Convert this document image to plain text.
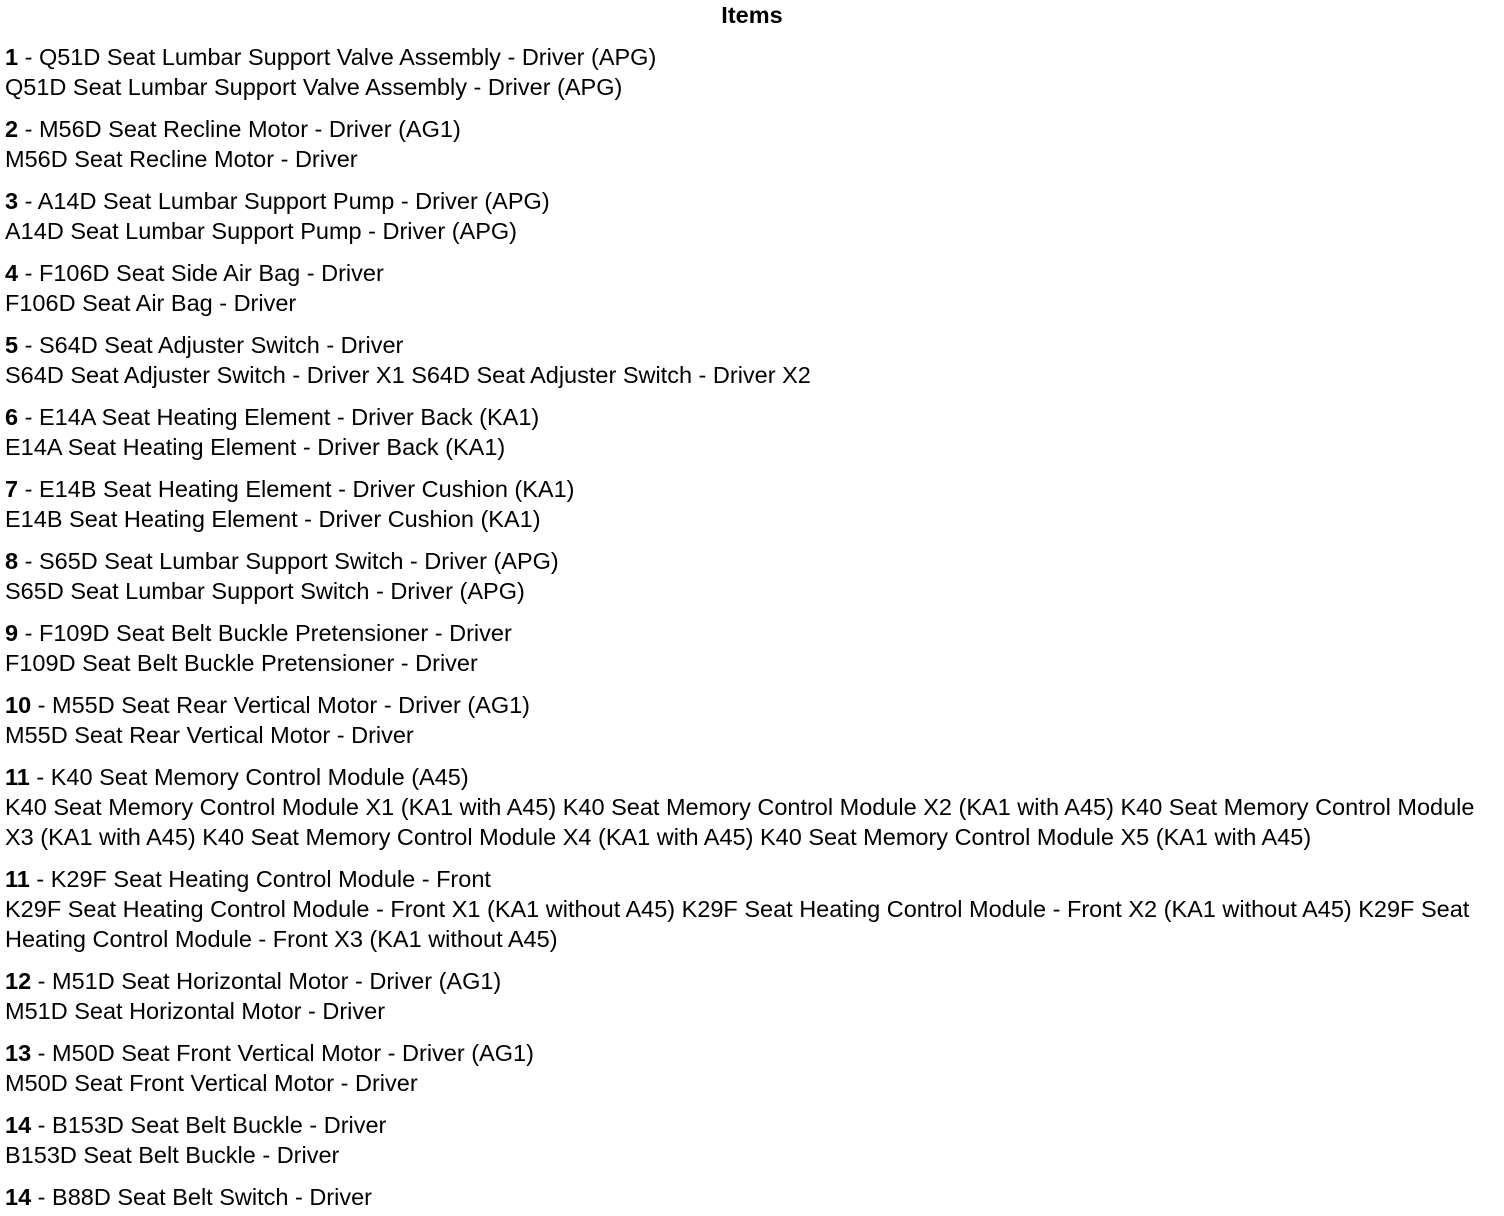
Items
1 - Q51D Seat Lumbar Support Valve Assembly - Driver (APG)
Q51D Seat Lumbar Support Valve Assembly - Driver (APG)
2 - M56D Seat Recline Motor - Driver (AG1)
M56D Seat Recline Motor - Driver
3 - A14D Seat Lumbar Support Pump - Driver (APG)
A14D Seat Lumbar Support Pump - Driver (APG)
4 - F106D Seat Side Air Bag - Driver
F106D Seat Air Bag - Driver
5 - S64D Seat Adjuster Switch - Driver
S64D Seat Adjuster Switch - Driver X1 S64D Seat Adjuster Switch - Driver X2
6 - E14A Seat Heating Element - Driver Back (KA1)
E14A Seat Heating Element - Driver Back (KA1)
7 - E14B Seat Heating Element - Driver Cushion (KA1)
E14B Seat Heating Element - Driver Cushion (KA1)
8 - S65D Seat Lumbar Support Switch - Driver (APG)
S65D Seat Lumbar Support Switch - Driver (APG)
9 - F109D Seat Belt Buckle Pretensioner - Driver
F109D Seat Belt Buckle Pretensioner - Driver
10 - M55D Seat Rear Vertical Motor - Driver (AG1)
M55D Seat Rear Vertical Motor - Driver
11 - K40 Seat Memory Control Module (A45)
K40 Seat Memory Control Module X1 (KA1 with A45) K40 Seat Memory Control Module X2 (KA1 with A45) K40 Seat Memory Control Module X3 (KA1 with A45) K40 Seat Memory Control Module X4 (KA1 with A45) K40 Seat Memory Control Module X5 (KA1 with A45)
11 - K29F Seat Heating Control Module - Front
K29F Seat Heating Control Module - Front X1 (KA1 without A45) K29F Seat Heating Control Module - Front X2 (KA1 without A45) K29F Seat Heating Control Module - Front X3 (KA1 without A45)
12 - M51D Seat Horizontal Motor - Driver (AG1)
M51D Seat Horizontal Motor - Driver
13 - M50D Seat Front Vertical Motor - Driver (AG1)
M50D Seat Front Vertical Motor - Driver
14 - B153D Seat Belt Buckle - Driver
B153D Seat Belt Buckle - Driver
14 - B88D Seat Belt Switch - Driver
